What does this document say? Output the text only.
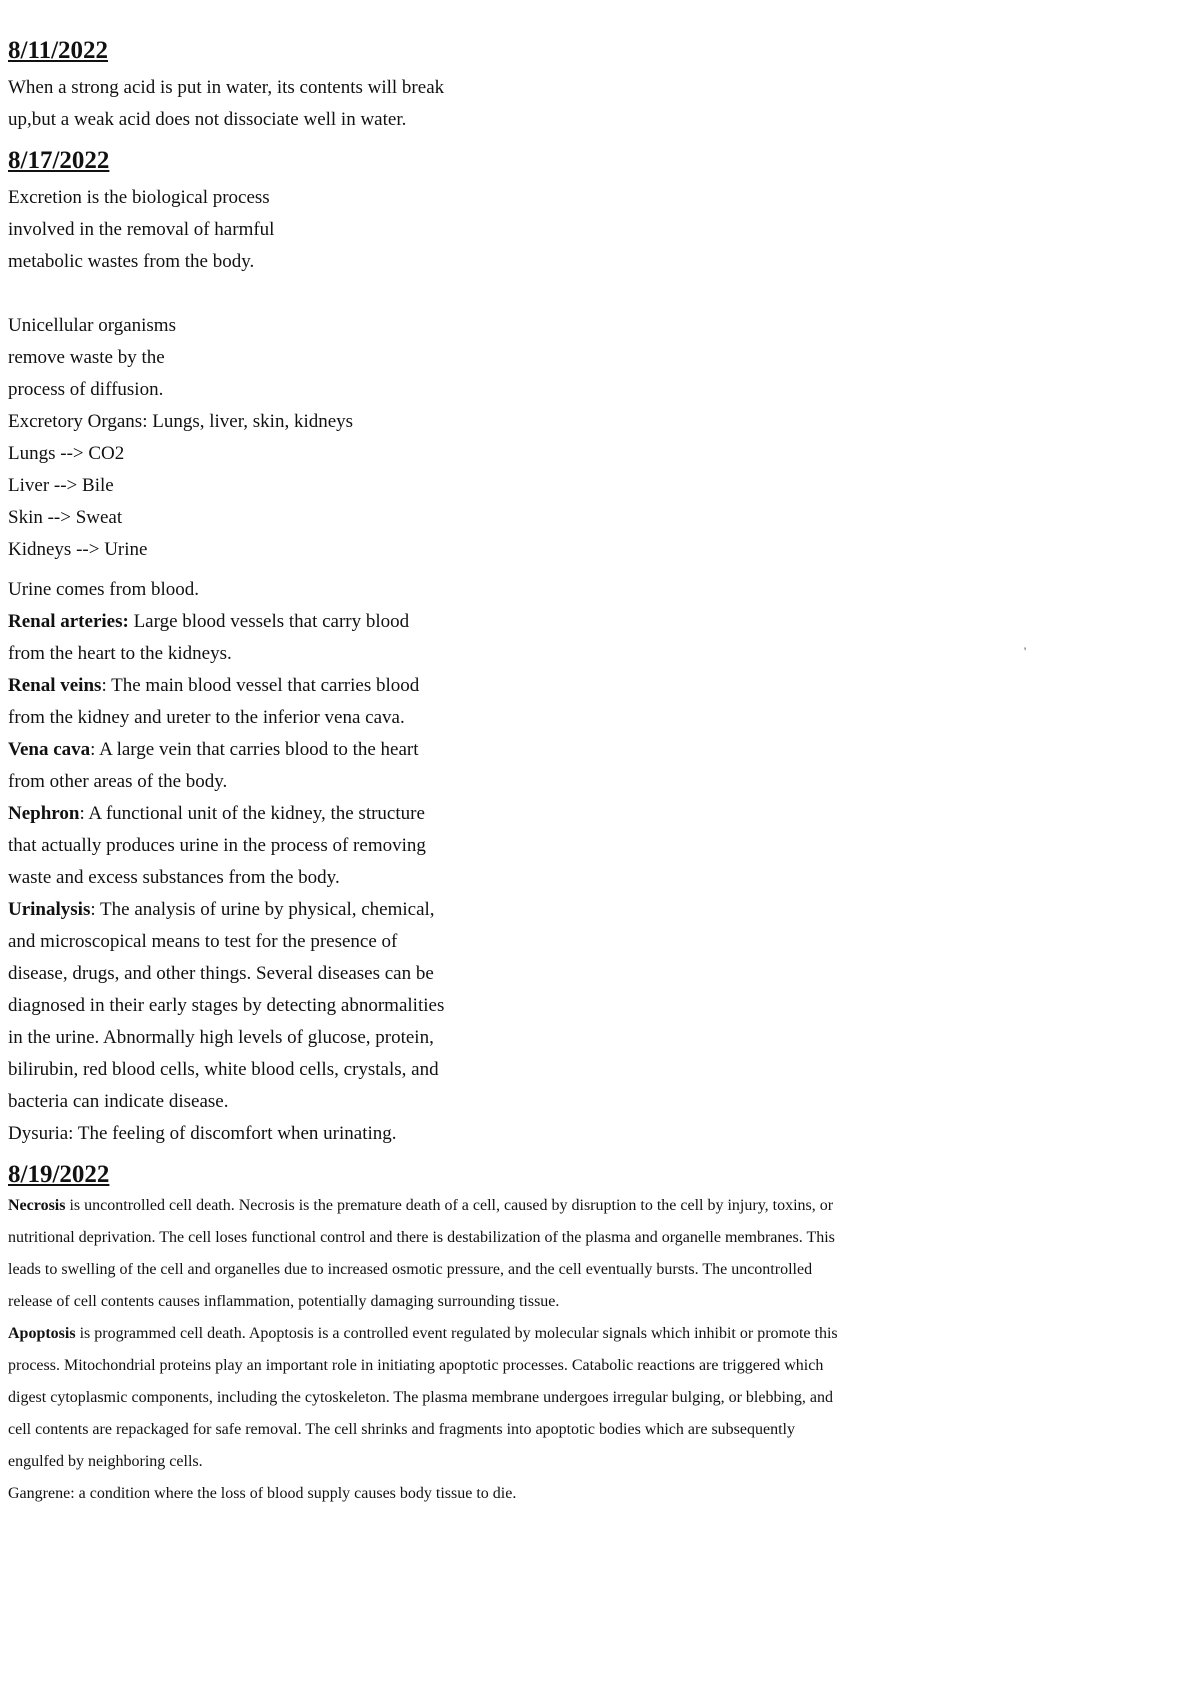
8/11/2022

When a strong acid is put in water, its contents will break up,but a weak acid does not dissociate well in water.

8/17/2022

Excretion is the biological process involved in the removal of harmful metabolic wastes from the body.

Unicellular organisms remove waste by the process of diffusion.

Excretory Organs: Lungs, liver, skin, kidneys

Lungs --> CO2

Liver --> Bile

Skin --> Sweat

Kidneys --> Urine

Urine comes from blood.

Renal arteries: Large blood vessels that carry blood from the heart to the kidneys.

Renal veins: The main blood vessel that carries blood from the kidney and ureter to the inferior vena cava.

Vena cava: A large vein that carries blood to the heart from other areas of the body.

Nephron: A functional unit of the kidney, the structure that actually produces urine in the process of removing waste and excess substances from the body.

Urinalysis: The analysis of urine by physical, chemical, and microscopical means to test for the presence of disease, drugs, and other things. Several diseases can be diagnosed in their early stages by detecting abnormalities in the urine. Abnormally high levels of glucose, protein, bilirubin, red blood cells, white blood cells, crystals, and bacteria can indicate disease.

Dysuria: The feeling of discomfort when urinating.

8/19/2022

Necrosis is uncontrolled cell death. Necrosis is the premature death of a cell, caused by disruption to the cell by injury, toxins, or nutritional deprivation. The cell loses functional control and there is destabilization of the plasma and organelle membranes. This leads to swelling of the cell and organelles due to increased osmotic pressure, and the cell eventually bursts. The uncontrolled release of cell contents causes inflammation, potentially damaging surrounding tissue.

Apoptosis is programmed cell death. Apoptosis is a controlled event regulated by molecular signals which inhibit or promote this process. Mitochondrial proteins play an important role in initiating apoptotic processes. Catabolic reactions are triggered which digest cytoplasmic components, including the cytoskeleton. The plasma membrane undergoes irregular bulging, or blebbing, and cell contents are repackaged for safe removal. The cell shrinks and fragments into apoptotic bodies which are subsequently engulfed by neighboring cells.

Gangrene: a condition where the loss of blood supply causes body tissue to die.

'
